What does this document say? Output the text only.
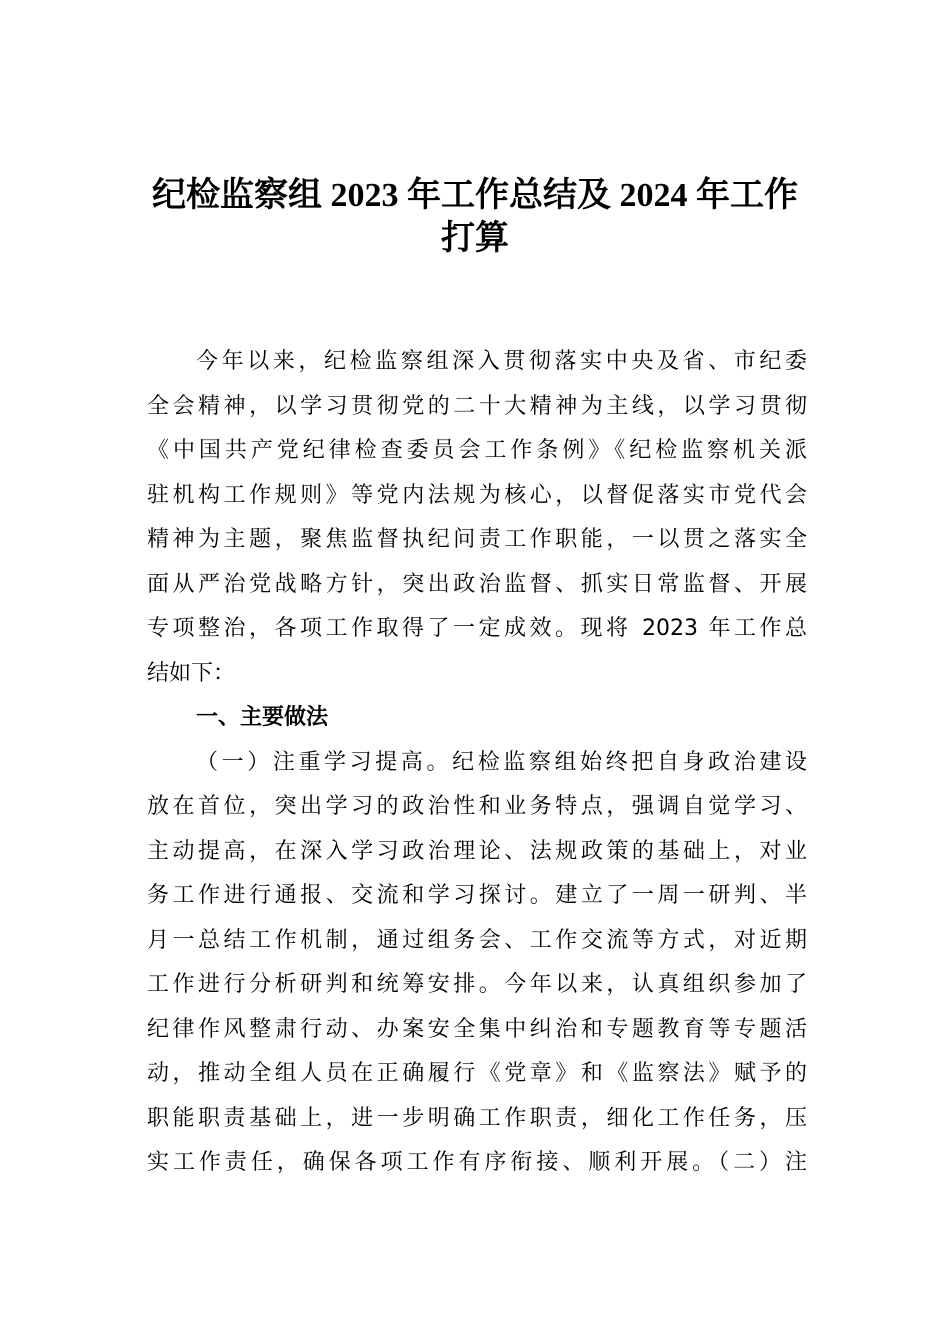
纪检监察组 2023 年工作总结及 2024 年工作
打算
今年以来，纪检监察组深入贯彻落实中央及省、市纪委
全会精神，以学习贯彻党的二十大精神为主线，以学习贯彻
《中国共产党纪律检查委员会工作条例》《纪检监察机关派
驻机构工作规则》等党内法规为核心，以督促落实市党代会
精神为主题，聚焦监督执纪问责工作职能，一以贯之落实全
面从严治党战略方针，突出政治监督、抓实日常监督、开展
专项整治，各项工作取得了一定成效。现将 2023 年工作总
结如下：
一、主要做法
（一）注重学习提高。纪检监察组始终把自身政治建设
放在首位，突出学习的政治性和业务特点，强调自觉学习、
主动提高，在深入学习政治理论、法规政策的基础上，对业
务工作进行通报、交流和学习探讨。建立了一周一研判、半
月一总结工作机制，通过组务会、工作交流等方式，对近期
工作进行分析研判和统筹安排。今年以来，认真组织参加了
纪律作风整肃行动、办案安全集中纠治和专题教育等专题活
动，推动全组人员在正确履行《党章》和《监察法》赋予的
职能职责基础上，进一步明确工作职责，细化工作任务，压
实工作责任，确保各项工作有序衔接、顺利开展。（二）注
